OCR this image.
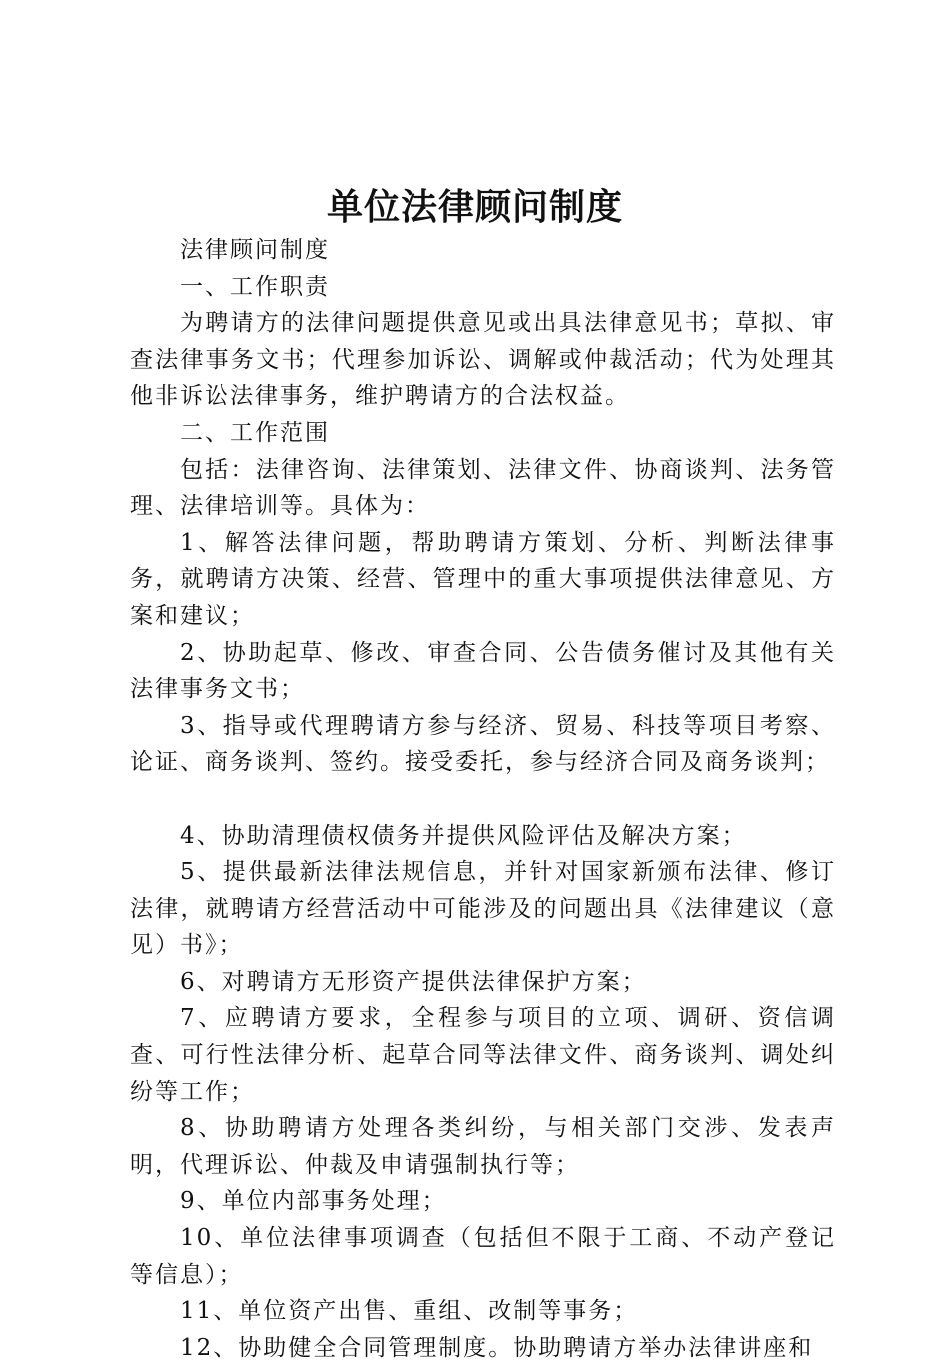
单位法律顾问制度

法律顾问制度

一、工作职责

为聘请方的法律问题提供意见或出具法律意见书；草拟、审查法律事务文书；代理参加诉讼、调解或仲裁活动；代为处理其他非诉讼法律事务，维护聘请方的合法权益。

二、工作范围

包括：法律咨询、法律策划、法律文件、协商谈判、法务管理、法律培训等。具体为：

1、解答法律问题，帮助聘请方策划、分析、判断法律事务，就聘请方决策、经营、管理中的重大事项提供法律意见、方案和建议；

2、协助起草、修改、审查合同、公告债务催讨及其他有关法律事务文书；

3、指导或代理聘请方参与经济、贸易、科技等项目考察、论证、商务谈判、签约。接受委托，参与经济合同及商务谈判；

4、协助清理债权债务并提供风险评估及解决方案；

5、提供最新法律法规信息，并针对国家新颁布法律、修订法律，就聘请方经营活动中可能涉及的问题出具《法律建议（意见）书》；

6、对聘请方无形资产提供法律保护方案；

7、应聘请方要求，全程参与项目的立项、调研、资信调查、可行性法律分析、起草合同等法律文件、商务谈判、调处纠纷等工作；

8、协助聘请方处理各类纠纷，与相关部门交涉、发表声明，代理诉讼、仲裁及申请强制执行等；

9、单位内部事务处理；

10、单位法律事项调查（包括但不限于工商、不动产登记等信息）；

11、单位资产出售、重组、改制等事务；

12、协助健全合同管理制度。协助聘请方举办法律讲座和
